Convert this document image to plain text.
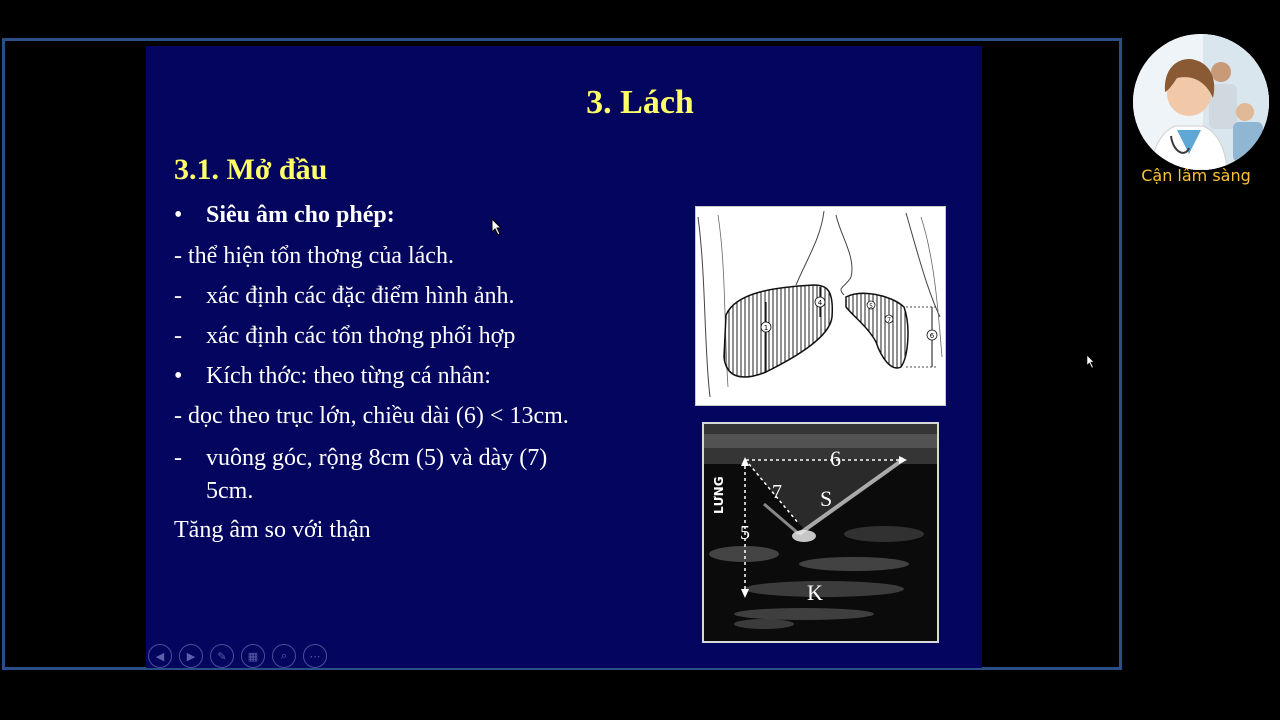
3. Lách
3.1. Mở đầu
• Siêu âm cho phép:
- thể hiện tổn thơng của lách.
- xác định các đặc điểm hình ảnh.
- xác định các tổn thơng phối hợp
• Kích thớc: theo từng cá nhân:
- dọc theo trục lớn, chiều dài (6) < 13cm.
- vuông góc, rộng 8cm (5) và dày (7)
5cm.
Tăng âm so với thận
1
4	5
6
7
6
7 S
5
K
LƯNG
◀ ▶ ✎ ▦ ⌕ ⋯
Cận lâm sàng
